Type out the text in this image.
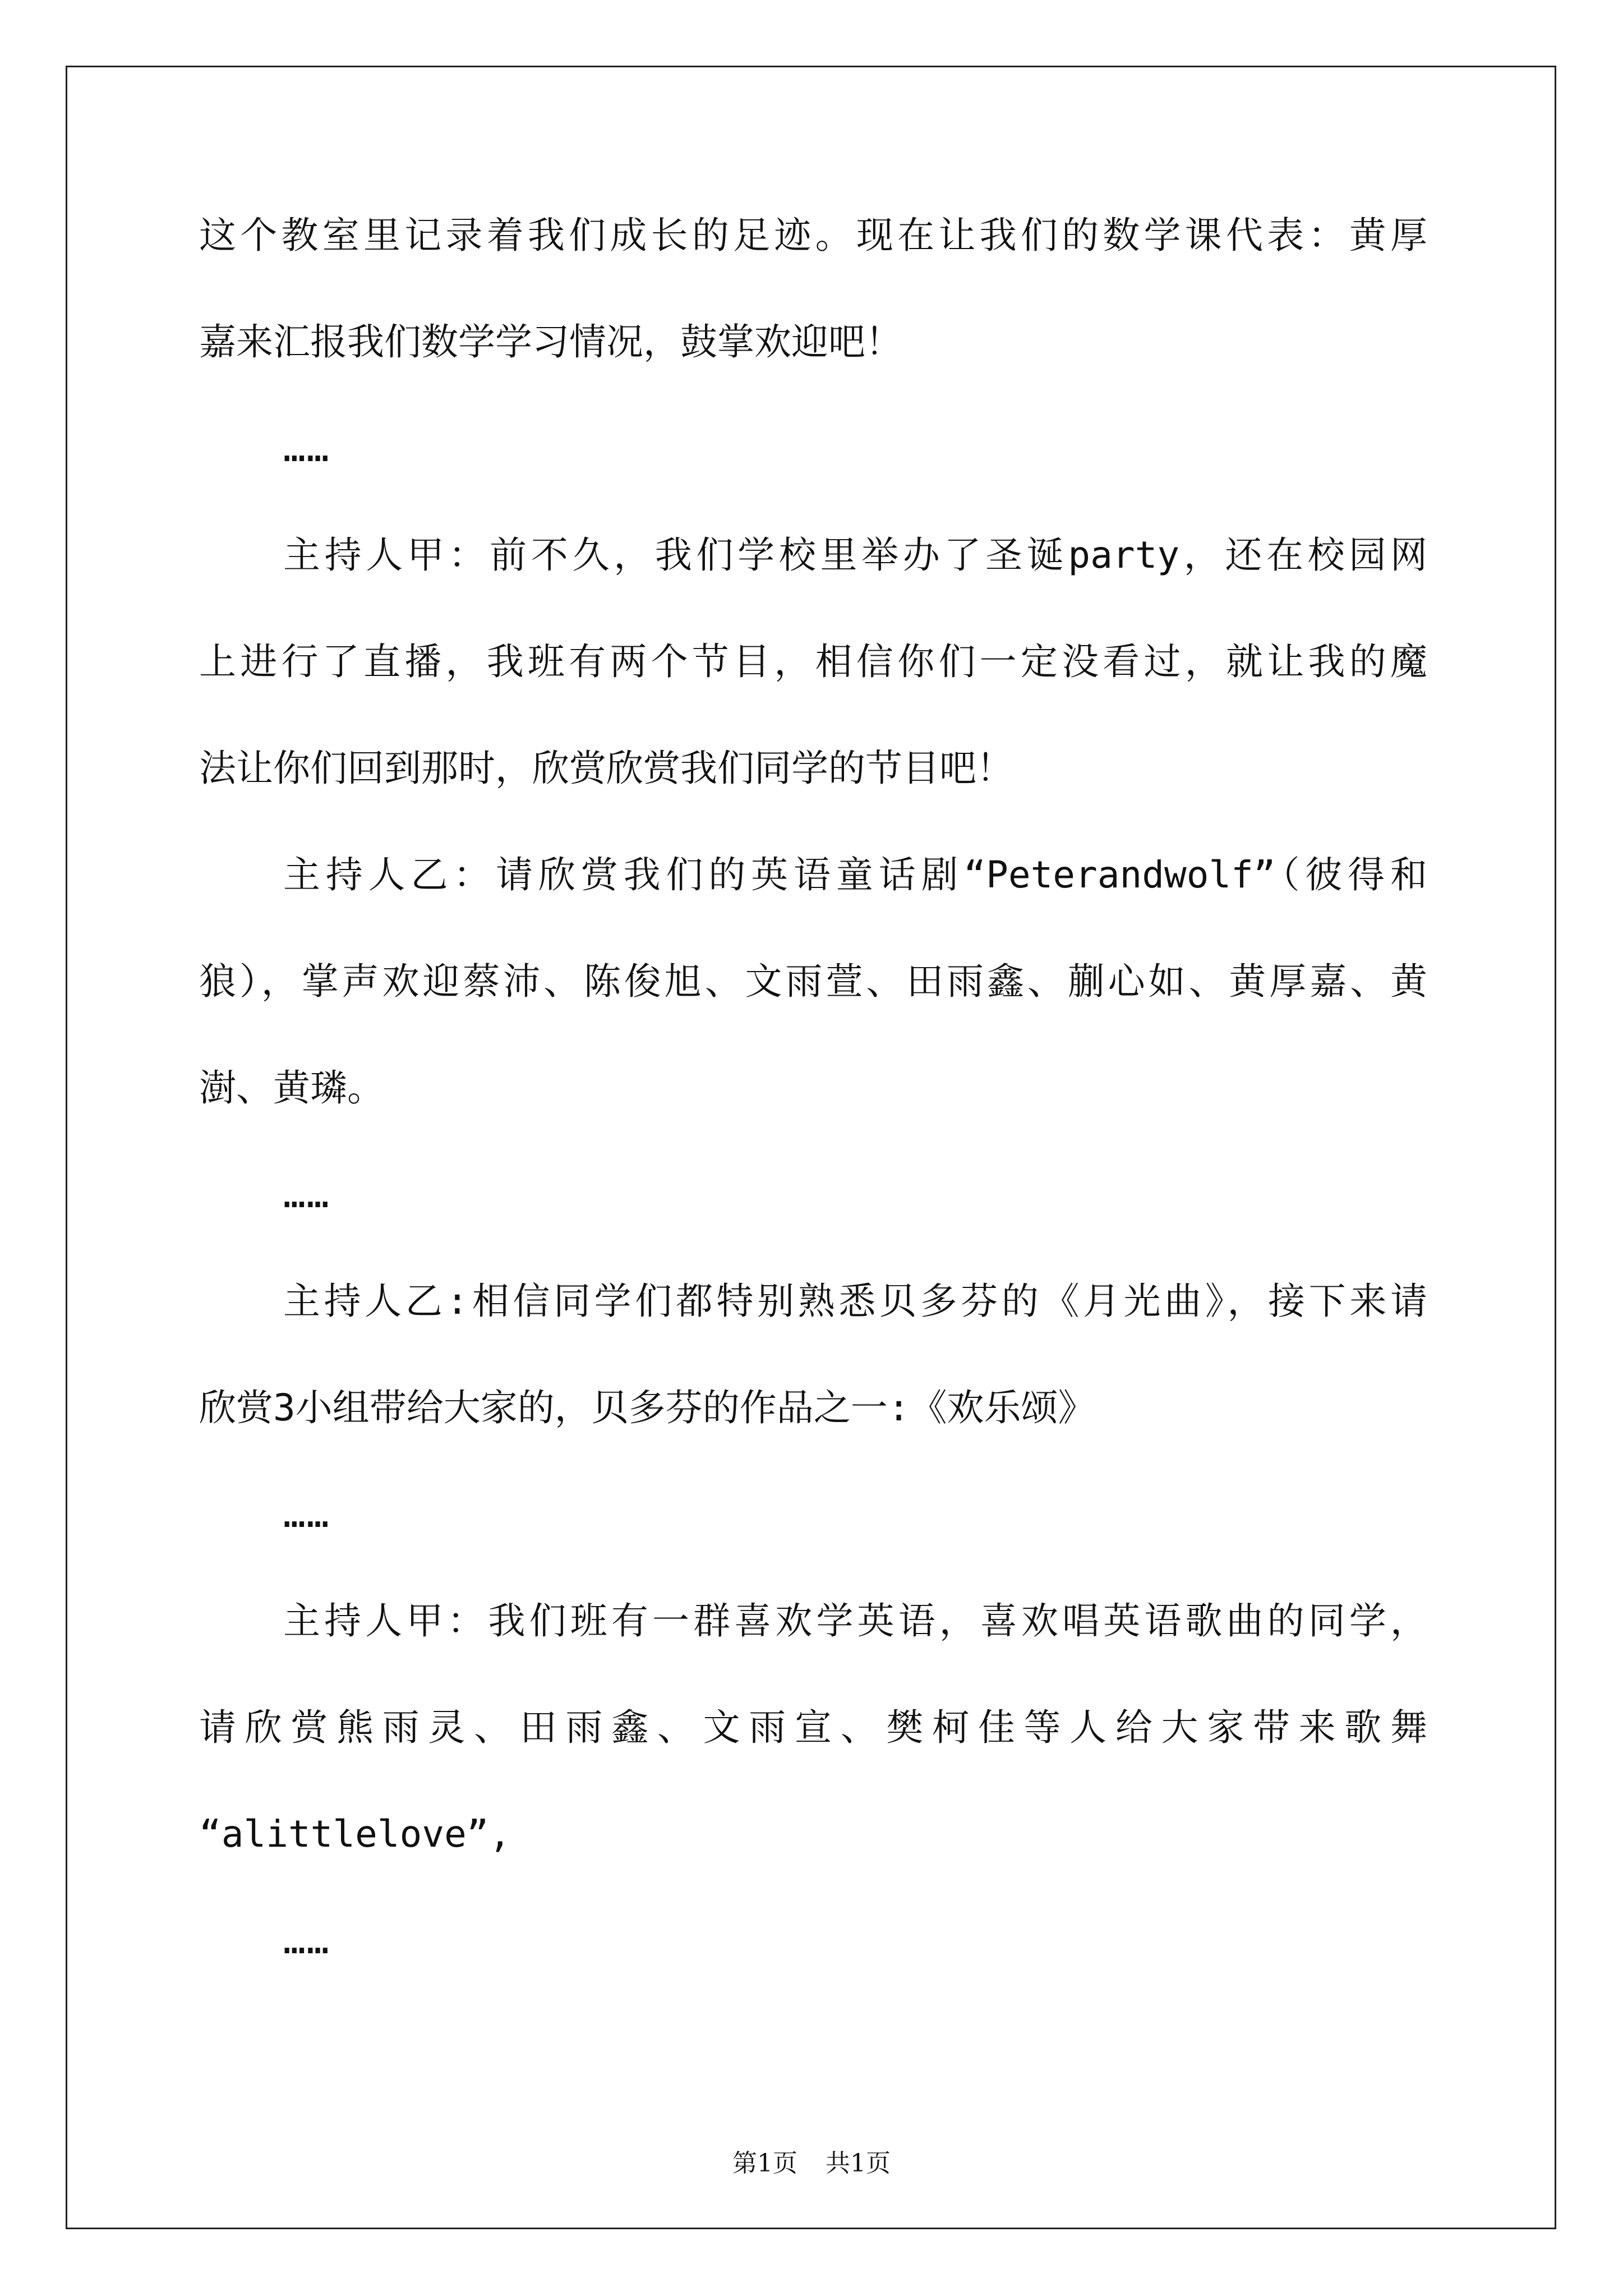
这个教室里记录着我们成长的足迹。现在让我们的数学课代表：黄厚
嘉来汇报我们数学学习情况，鼓掌欢迎吧！
……
主持人甲：前不久，我们学校里举办了圣诞party，还在校园网
上进行了直播，我班有两个节目，相信你们一定没看过，就让我的魔
法让你们回到那时，欣赏欣赏我们同学的节目吧！
主持人乙：请欣赏我们的英语童话剧“Peterandwolf”（彼得和
狼），掌声欢迎蔡沛、陈俊旭、文雨萱、田雨鑫、蒯心如、黄厚嘉、黄
澍、黄璘。
……
主持人乙:相信同学们都特别熟悉贝多芬的《月光曲》，接下来请
欣赏3小组带给大家的，贝多芬的作品之一:《欢乐颂》
……
主持人甲：我们班有一群喜欢学英语，喜欢唱英语歌曲的同学，
请欣赏熊雨灵、田雨鑫、文雨宣、樊柯佳等人给大家带来歌舞
“alittlelove”,
……
第1页 共1页
